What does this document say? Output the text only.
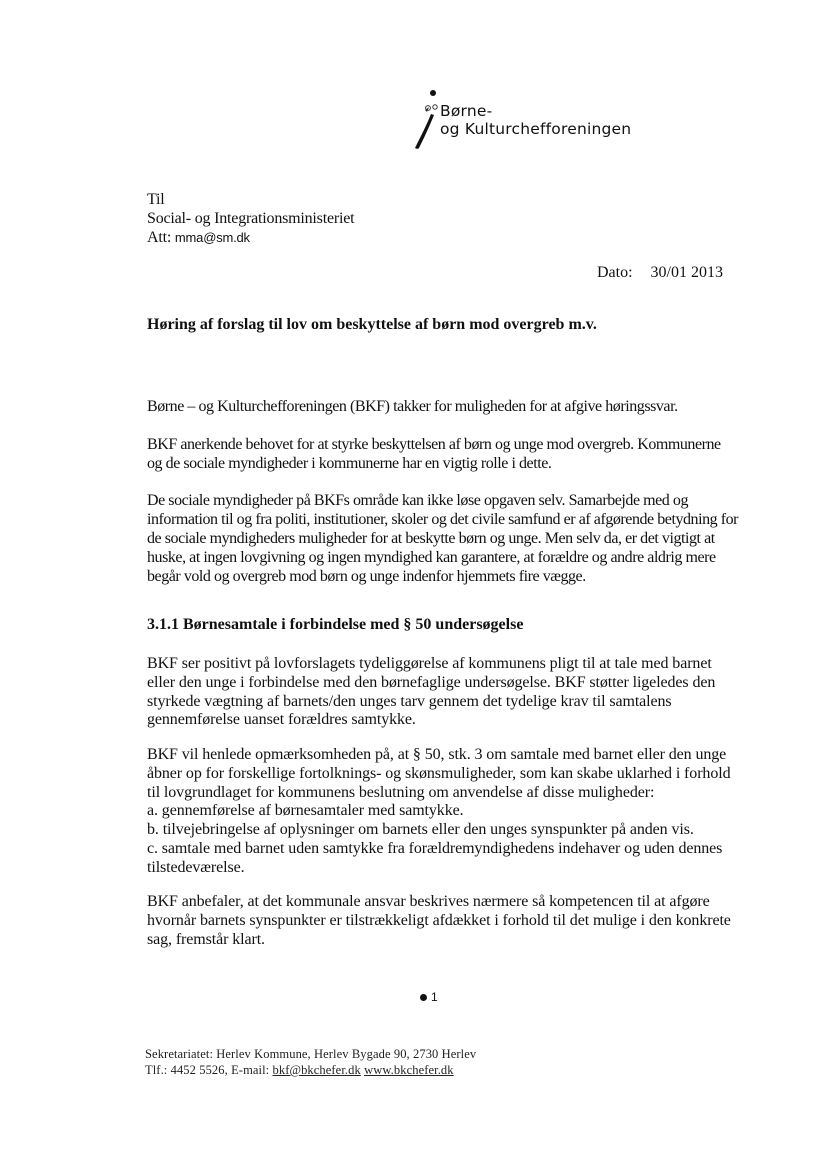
Børne-
og Kulturchefforeningen
Til
Social- og Integrationsministeriet
Att: mma@sm.dk
Dato: 30/01 2013
Høring af forslag til lov om beskyttelse af børn mod overgreb m.v.
Børne – og Kulturchefforeningen (BKF) takker for muligheden for at afgive høringssvar.
BKF anerkende behovet for at styrke beskyttelsen af børn og unge mod overgreb. Kommunerne
og de sociale myndigheder i kommunerne har en vigtig rolle i dette.
De sociale myndigheder på BKFs område kan ikke løse opgaven selv. Samarbejde med og
information til og fra politi, institutioner, skoler og det civile samfund er af afgørende betydning for
de sociale myndigheders muligheder for at beskytte børn og unge. Men selv da, er det vigtigt at
huske, at ingen lovgivning og ingen myndighed kan garantere, at forældre og andre aldrig mere
begår vold og overgreb mod børn og unge indenfor hjemmets fire vægge.
3.1.1 Børnesamtale i forbindelse med § 50 undersøgelse
BKF ser positivt på lovforslagets tydeliggørelse af kommunens pligt til at tale med barnet
eller den unge i forbindelse med den børnefaglige undersøgelse. BKF støtter ligeledes den
styrkede vægtning af barnets/den unges tarv gennem det tydelige krav til samtalens
gennemførelse uanset forældres samtykke.
BKF vil henlede opmærksomheden på, at § 50, stk. 3 om samtale med barnet eller den unge
åbner op for forskellige fortolknings- og skønsmuligheder, som kan skabe uklarhed i forhold
til lovgrundlaget for kommunens beslutning om anvendelse af disse muligheder:
a. gennemførelse af børnesamtaler med samtykke.
b. tilvejebringelse af oplysninger om barnets eller den unges synspunkter på anden vis.
c. samtale med barnet uden samtykke fra forældremyndighedens indehaver og uden dennes
tilstedeværelse.
BKF anbefaler, at det kommunale ansvar beskrives nærmere så kompetencen til at afgøre
hvornår barnets synspunkter er tilstrækkeligt afdækket i forhold til det mulige i den konkrete
sag, fremstår klart.
1
Sekretariatet: Herlev Kommune, Herlev Bygade 90, 2730 Herlev
Tlf.: 4452 5526, E-mail: bkf@bkchefer.dk www.bkchefer.dk
